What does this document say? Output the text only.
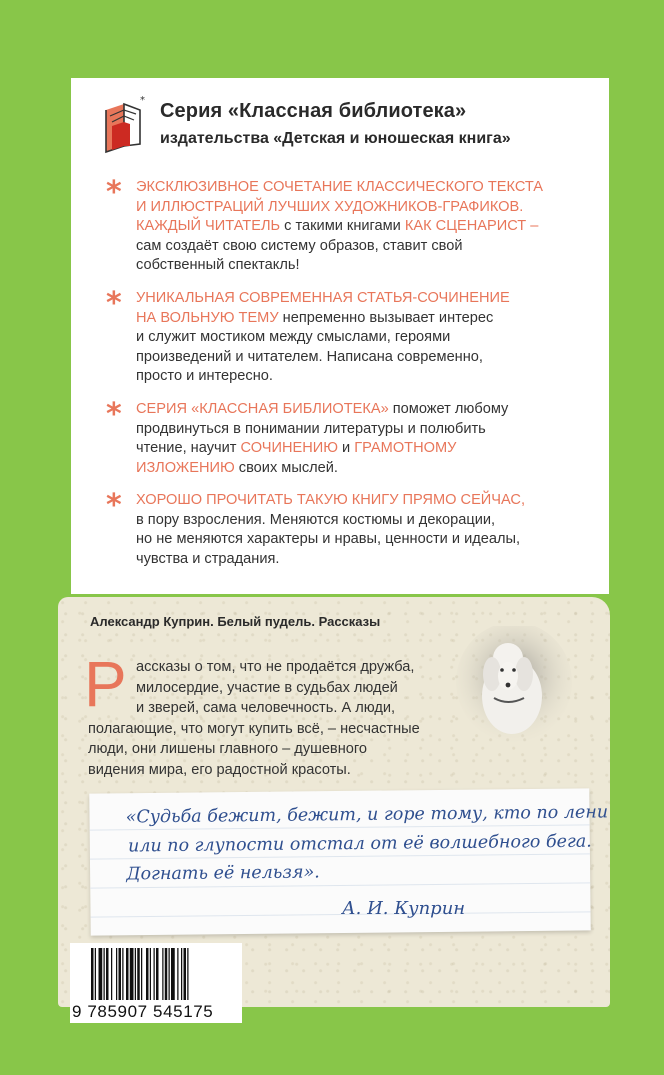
* Серия «Классная библиотека»
издательства «Детская и юношеская книга»
* ЭКСКЛЮЗИВНОЕ СОЧЕТАНИЕ КЛАССИЧЕСКОГО ТЕКСТА
И ИЛЛЮСТРАЦИЙ ЛУЧШИХ ХУДОЖНИКОВ-ГРАФИКОВ.
КАЖДЫЙ ЧИТАТЕЛЬ с такими книгами КАК СЦЕНАРИСТ –
сам создаёт свою систему образов, ставит свой
собственный спектакль!
* УНИКАЛЬНАЯ СОВРЕМЕННАЯ СТАТЬЯ-СОЧИНЕНИЕ
НА ВОЛЬНУЮ ТЕМУ непременно вызывает интерес
и служит мостиком между смыслами, героями
произведений и читателем. Написана современно,
просто и интересно.
* СЕРИЯ «КЛАССНАЯ БИБЛИОТЕКА» поможет любому
продвинуться в понимании литературы и полюбить
чтение, научит СОЧИНЕНИЮ и ГРАМОТНОМУ
ИЗЛОЖЕНИЮ своих мыслей.
* ХОРОШО ПРОЧИТАТЬ ТАКУЮ КНИГУ ПРЯМО СЕЙЧАС,
в пору взросления. Меняются костюмы и декорации,
но не меняются характеры и нравы, ценности и идеалы,
чувства и страдания.
Александр Куприн. Белый пудель. Рассказы
Р ассказы о том, что не продаётся дружба,
милосердие, участие в судьбах людей
и зверей, сама человечность. А люди,
полагающие, что могут купить всё, – несчастные
люди, они лишены главного – душевного
видения мира, его радостной красоты.
«Судьба бежит, бежит, и горе тому, кто по лени
или по глупости отстал от её волшебного бега.
Догнать её нельзя».
А. И. Куприн
9 785907 545175
